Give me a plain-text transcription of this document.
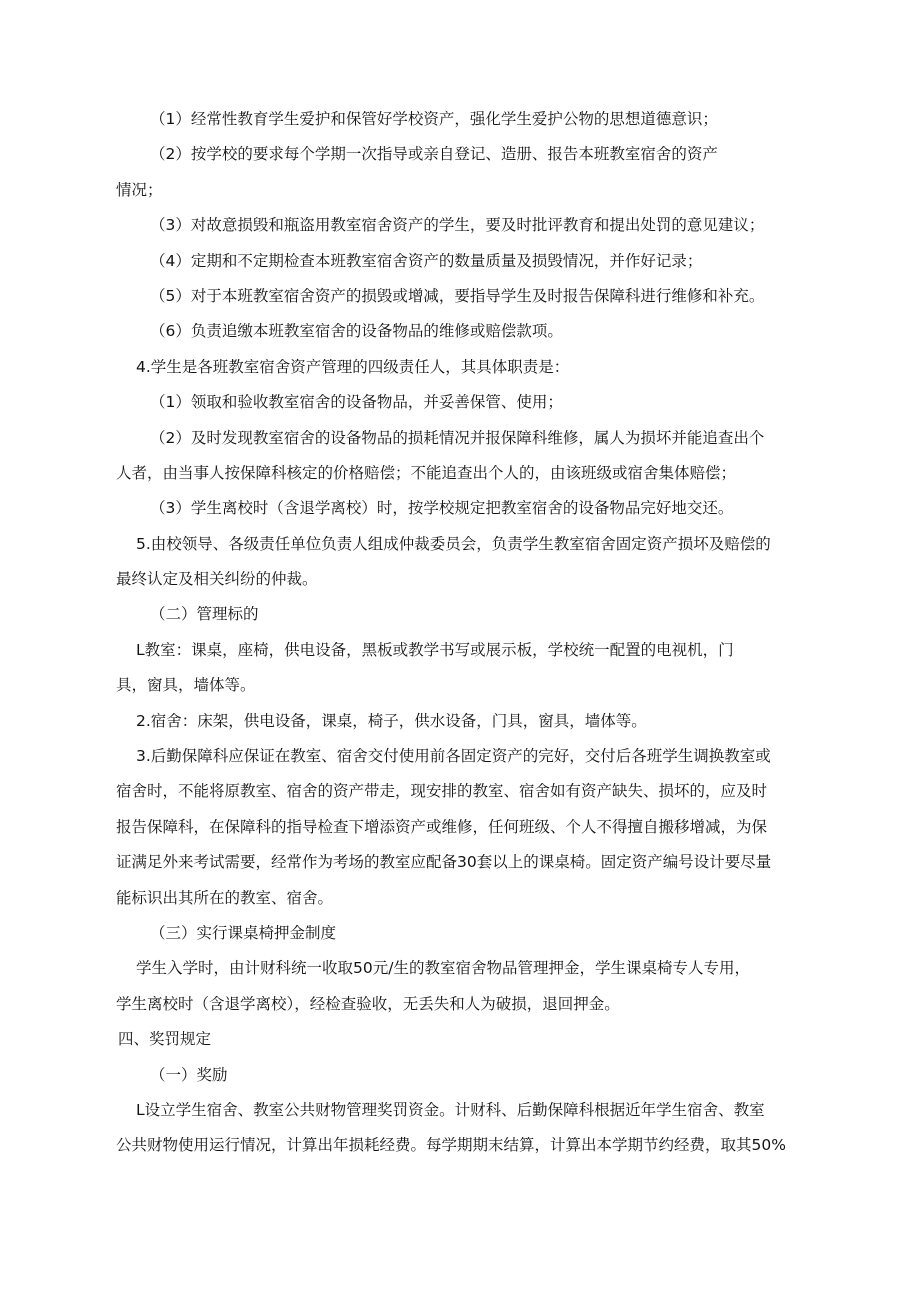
（1）经常性教育学生爱护和保管好学校资产，强化学生爱护公物的思想道德意识；
（2）按学校的要求每个学期一次指导或亲自登记、造册、报告本班教室宿舍的资产
情况；
（3）对故意损毁和瓶盗用教室宿舍资产的学生，要及时批评教育和提出处罚的意见建议；
（4）定期和不定期检查本班教室宿舍资产的数量质量及损毁情况，并作好记录；
（5）对于本班教室宿舍资产的损毁或增减，要指导学生及时报告保障科进行维修和补充。
（6）负责追缴本班教室宿舍的设备物品的维修或赔偿款项。
4.学生是各班教室宿舍资产管理的四级责任人，其具体职责是：
（1）领取和验收教室宿舍的设备物品，并妥善保管、使用；
（2）及时发现教室宿舍的设备物品的损耗情况并报保障科维修，属人为损坏并能追查出个
人者，由当事人按保障科核定的价格赔偿；不能追查出个人的，由该班级或宿舍集体赔偿；
（3）学生离校时（含退学离校）时，按学校规定把教室宿舍的设备物品完好地交还。
5.由校领导、各级责任单位负责人组成仲裁委员会，负责学生教室宿舍固定资产损坏及赔偿的
最终认定及相关纠纷的仲裁。
（二）管理标的
L教室：课桌，座椅，供电设备，黑板或教学书写或展示板，学校统一配置的电视机，门
具，窗具，墙体等。
2.宿舍：床架，供电设备，课桌，椅子，供水设备，门具，窗具，墙体等。
3.后勤保障科应保证在教室、宿舍交付使用前各固定资产的完好，交付后各班学生调换教室或
宿舍时，不能将原教室、宿舍的资产带走，现安排的教室、宿舍如有资产缺失、损坏的，应及时
报告保障科，在保障科的指导检查下增添资产或维修，任何班级、个人不得擅自搬移增减，为保
证满足外来考试需要，经常作为考场的教室应配备30套以上的课桌椅。固定资产编号设计要尽量
能标识出其所在的教室、宿舍。
（三）实行课桌椅押金制度
学生入学时，由计财科统一收取50元/生的教室宿舍物品管理押金，学生课桌椅专人专用，
学生离校时（含退学离校），经检查验收，无丢失和人为破损，退回押金。
四、奖罚规定
（一）奖励
L设立学生宿舍、教室公共财物管理奖罚资金。计财科、后勤保障科根据近年学生宿舍、教室
公共财物使用运行情况，计算出年损耗经费。每学期期末结算，计算出本学期节约经费，取其50%
